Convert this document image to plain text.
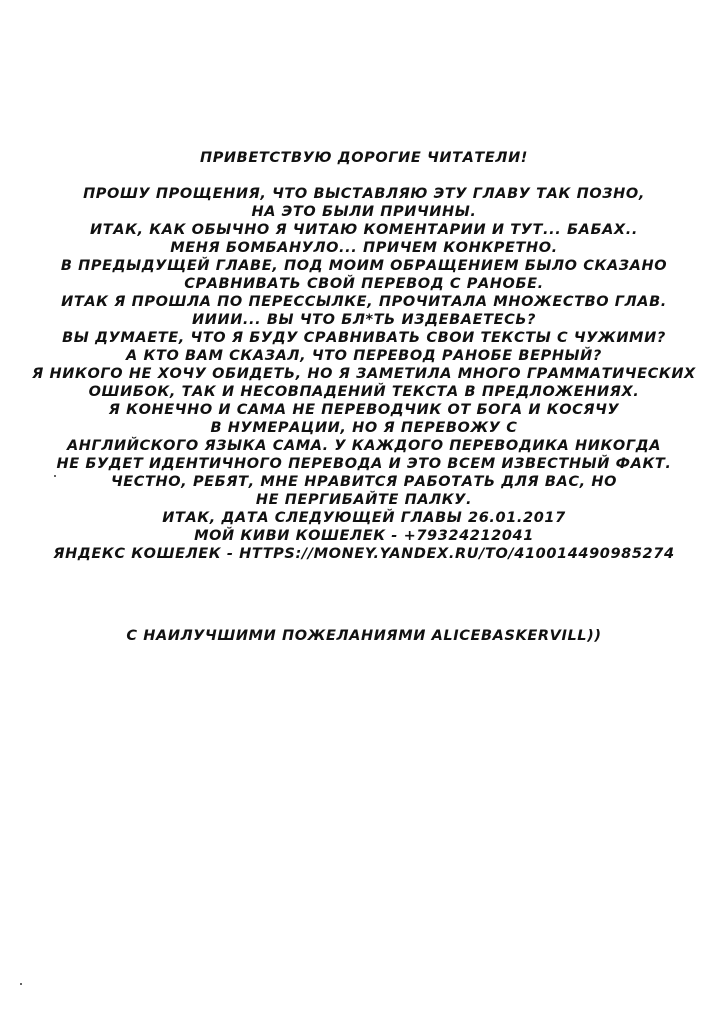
ПРИВЕТСТВУЮ ДОРОГИЕ ЧИТАТЕЛИ!
ПРОШУ ПРОЩЕНИЯ, ЧТО ВЫСТАВЛЯЮ ЭТУ ГЛАВУ ТАК ПОЗНО,
НА ЭТО БЫЛИ ПРИЧИНЫ.
ИТАК, КАК ОБЫЧНО Я ЧИТАЮ КОМЕНТАРИИ И ТУТ... БАБАХ..
МЕНЯ БОМБАНУЛО... ПРИЧЕМ КОНКРЕТНО.
В ПРЕДЫДУЩЕЙ ГЛАВЕ, ПОД МОИМ ОБРАЩЕНИЕМ БЫЛО СКАЗАНО
СРАВНИВАТЬ СВОЙ ПЕРЕВОД С РАНОБЕ.
ИТАК Я ПРОШЛА ПО ПЕРЕССЫЛКЕ, ПРОЧИТАЛА МНОЖЕСТВО ГЛАВ.
ИИИИ... ВЫ ЧТО БЛ*ТЬ ИЗДЕВАЕТЕСЬ?
ВЫ ДУМАЕТЕ, ЧТО Я БУДУ СРАВНИВАТЬ СВОИ ТЕКСТЫ С ЧУЖИМИ?
А КТО ВАМ СКАЗАЛ, ЧТО ПЕРЕВОД РАНОБЕ ВЕРНЫЙ?
Я НИКОГО НЕ ХОЧУ ОБИДЕТЬ, НО Я ЗАМЕТИЛА МНОГО ГРАММАТИЧЕСКИХ
ОШИБОК, ТАК И НЕСОВПАДЕНИЙ ТЕКСТА В ПРЕДЛОЖЕНИЯХ.
Я КОНЕЧНО И САМА НЕ ПЕРЕВОДЧИК ОТ БОГА И КОСЯЧУ
В НУМЕРАЦИИ, НО Я ПЕРЕВОЖУ С
АНГЛИЙСКОГО ЯЗЫКА САМА. У КАЖДОГО ПЕРЕВОДИКА НИКОГДА
НЕ БУДЕТ ИДЕНТИЧНОГО ПЕРЕВОДА И ЭТО ВСЕМ ИЗВЕСТНЫЙ ФАКТ.
ЧЕСТНО, РЕБЯТ, МНЕ НРАВИТСЯ РАБОТАТЬ ДЛЯ ВАС, НО
НЕ ПЕРГИБАЙТЕ ПАЛКУ.
ИТАК, ДАТА СЛЕДУЮЩЕЙ ГЛАВЫ 26.01.2017
МОЙ КИВИ КОШЕЛЕК - +79324212041
ЯНДЕКС КОШЕЛЕК - HTTPS://MONEY.YANDEX.RU/TO/410014490985274
С НАИЛУЧШИМИ ПОЖЕЛАНИЯМИ ALICEBASKERVILL))
